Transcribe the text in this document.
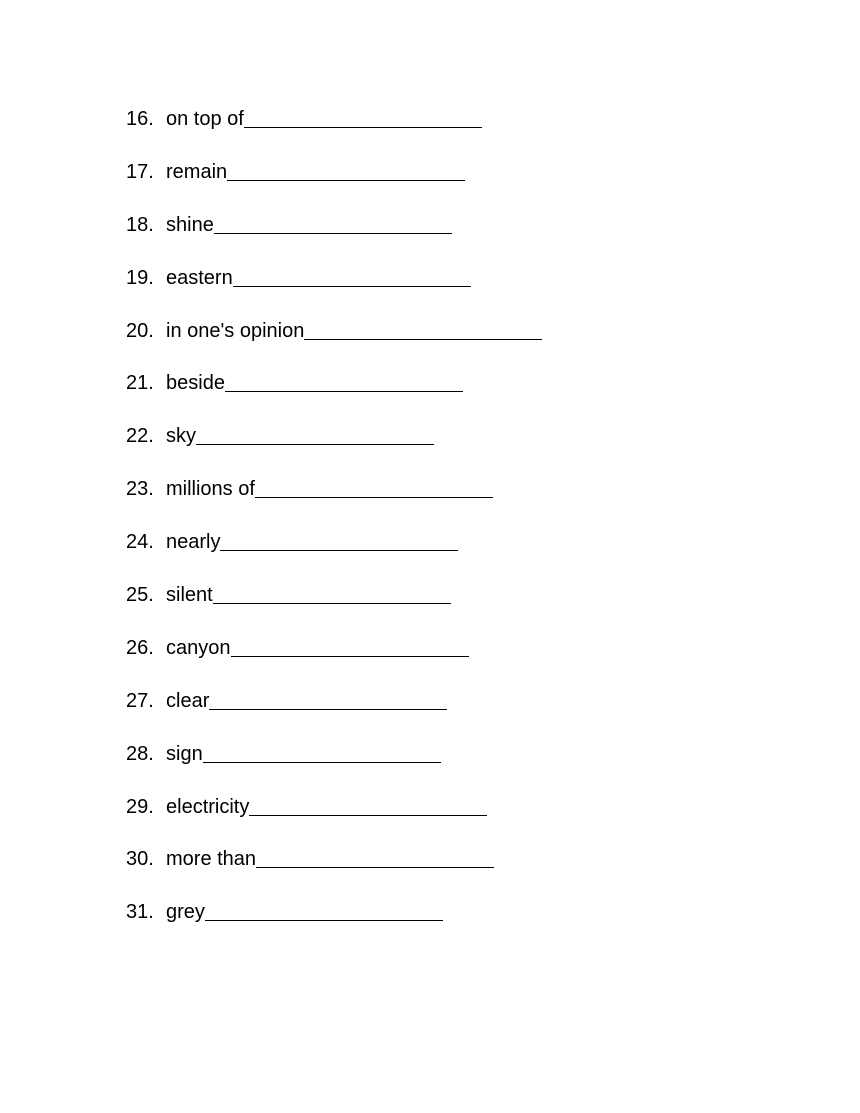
16. on top of
17. remain
18. shine
19. eastern
20. in one's opinion
21. beside
22. sky
23. millions of
24. nearly
25. silent
26. canyon
27. clear
28. sign
29. electricity
30. more than
31. grey
